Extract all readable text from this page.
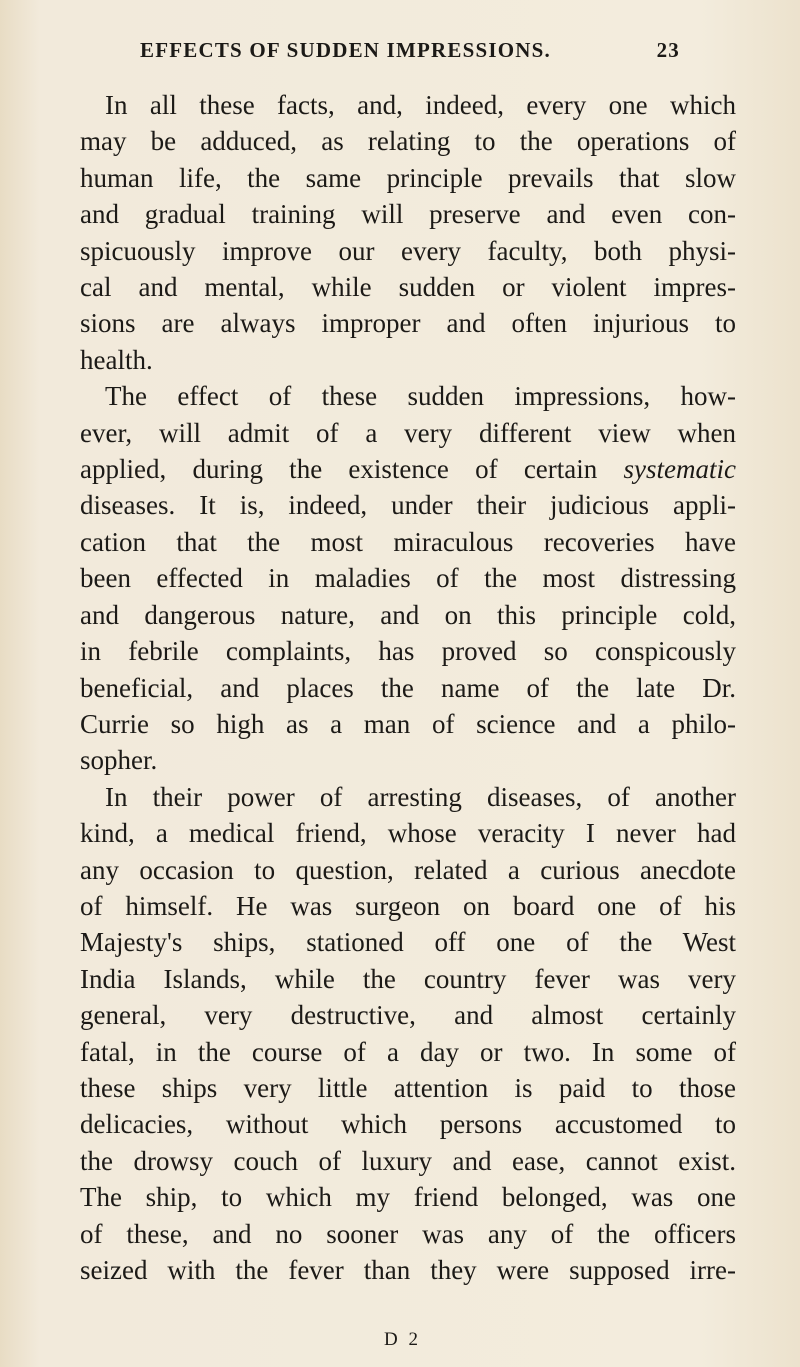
EFFECTS OF SUDDEN IMPRESSIONS.	23
In all these facts, and, indeed, every one which
may be adduced, as relating to the operations of
human life, the same principle prevails that slow
and gradual training will preserve and even con-
spicuously improve our every faculty, both physi-
cal and mental, while sudden or violent impres-
sions are always improper and often injurious to
health.
The effect of these sudden impressions, how-
ever, will admit of a very different view when
applied, during the existence of certain systematic
diseases. It is, indeed, under their judicious appli-
cation that the most miraculous recoveries have
been effected in maladies of the most distressing
and dangerous nature, and on this principle cold,
in febrile complaints, has proved so conspicously
beneficial, and places the name of the late Dr.
Currie so high as a man of science and a philo-
sopher.
In their power of arresting diseases, of another
kind, a medical friend, whose veracity I never had
any occasion to question, related a curious anecdote
of himself. He was surgeon on board one of his
Majesty's ships, stationed off one of the West
India Islands, while the country fever was very
general, very destructive, and almost certainly
fatal, in the course of a day or two. In some of
these ships very little attention is paid to those
delicacies, without which persons accustomed to
the drowsy couch of luxury and ease, cannot exist.
The ship, to which my friend belonged, was one
of these, and no sooner was any of the officers
seized with the fever than they were supposed irre-
D 2
